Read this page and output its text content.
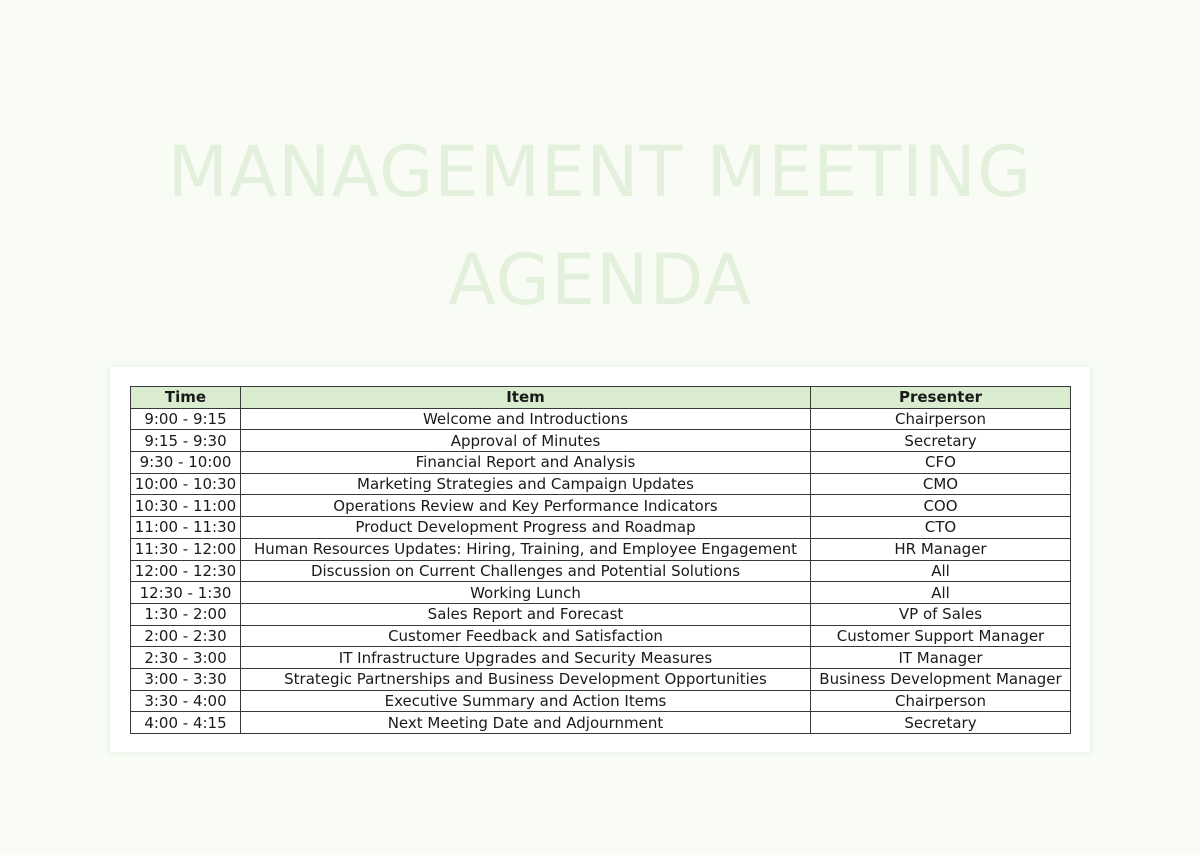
MANAGEMENT MEETING
AGENDA
Time	Item	Presenter
9:00 - 9:15	Welcome and Introductions	Chairperson
9:15 - 9:30	Approval of Minutes	Secretary
9:30 - 10:00	Financial Report and Analysis	CFO
10:00 - 10:30	Marketing Strategies and Campaign Updates	CMO
10:30 - 11:00	Operations Review and Key Performance Indicators	COO
11:00 - 11:30	Product Development Progress and Roadmap	CTO
11:30 - 12:00	Human Resources Updates: Hiring, Training, and Employee Engagement	HR Manager
12:00 - 12:30	Discussion on Current Challenges and Potential Solutions	All
12:30 - 1:30	Working Lunch	All
1:30 - 2:00	Sales Report and Forecast	VP of Sales
2:00 - 2:30	Customer Feedback and Satisfaction	Customer Support Manager
2:30 - 3:00	IT Infrastructure Upgrades and Security Measures	IT Manager
3:00 - 3:30	Strategic Partnerships and Business Development Opportunities	Business Development Manager
3:30 - 4:00	Executive Summary and Action Items	Chairperson
4:00 - 4:15	Next Meeting Date and Adjournment	Secretary
